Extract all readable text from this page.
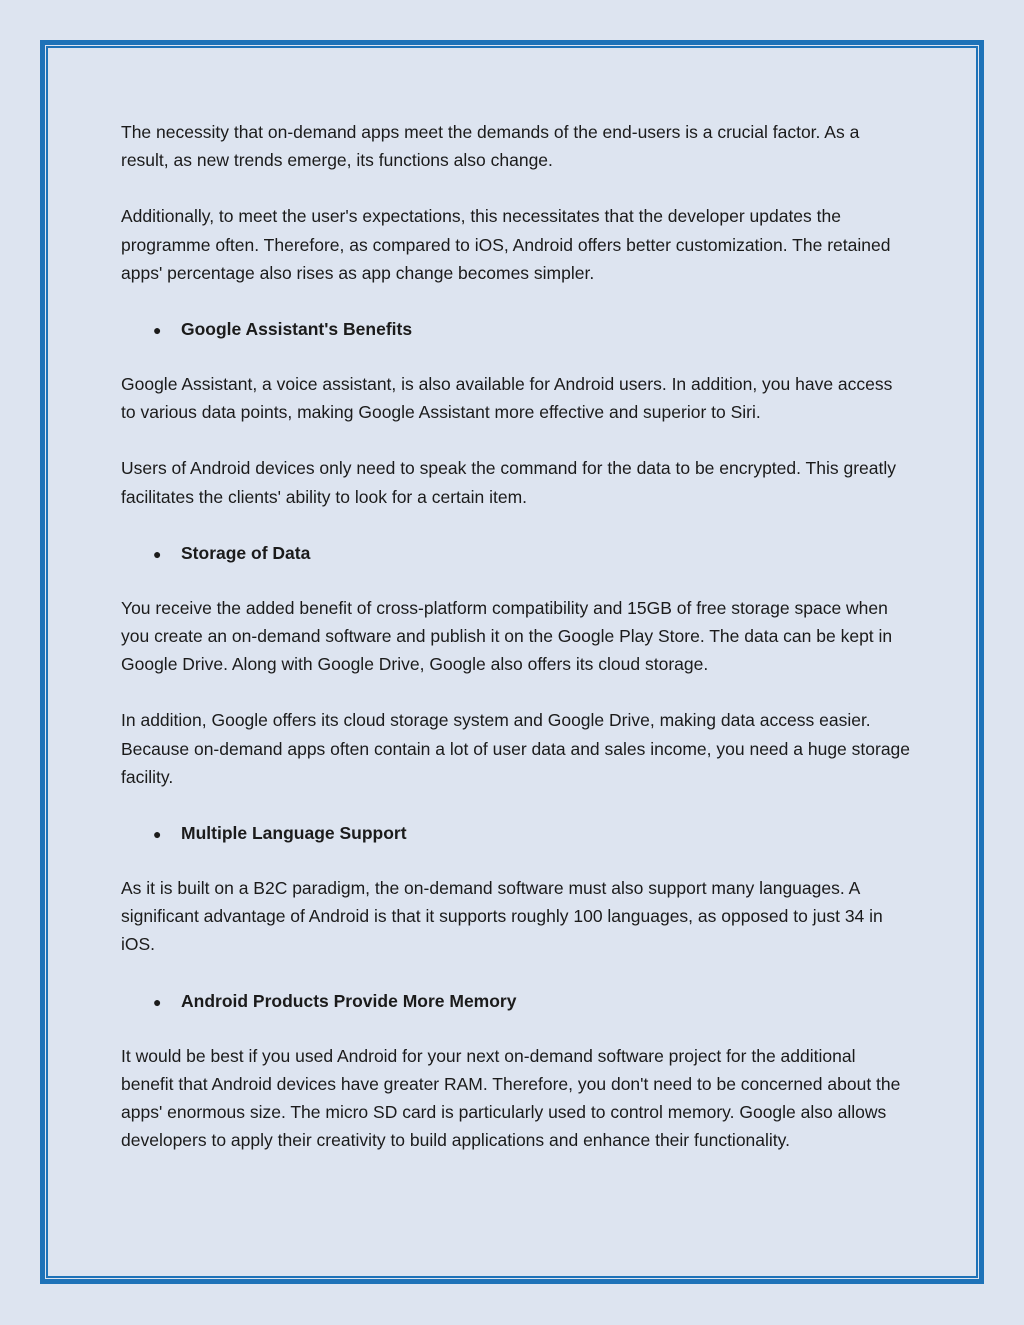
The necessity that on-demand apps meet the demands of the end-users is a crucial factor. As a result, as new trends emerge, its functions also change.

Additionally, to meet the user's expectations, this necessitates that the developer updates the programme often. Therefore, as compared to iOS, Android offers better customization. The retained apps' percentage also rises as app change becomes simpler.

●	Google Assistant's Benefits

Google Assistant, a voice assistant, is also available for Android users. In addition, you have access to various data points, making Google Assistant more effective and superior to Siri.

Users of Android devices only need to speak the command for the data to be encrypted. This greatly facilitates the clients' ability to look for a certain item.

●	Storage of Data

You receive the added benefit of cross-platform compatibility and 15GB of free storage space when you create an on-demand software and publish it on the Google Play Store. The data can be kept in Google Drive. Along with Google Drive, Google also offers its cloud storage.

In addition, Google offers its cloud storage system and Google Drive, making data access easier. Because on-demand apps often contain a lot of user data and sales income, you need a huge storage facility.

●	Multiple Language Support

As it is built on a B2C paradigm, the on-demand software must also support many languages. A significant advantage of Android is that it supports roughly 100 languages, as opposed to just 34 in iOS.

●	Android Products Provide More Memory

It would be best if you used Android for your next on-demand software project for the additional benefit that Android devices have greater RAM. Therefore, you don't need to be concerned about the apps' enormous size. The micro SD card is particularly used to control memory. Google also allows developers to apply their creativity to build applications and enhance their functionality.
